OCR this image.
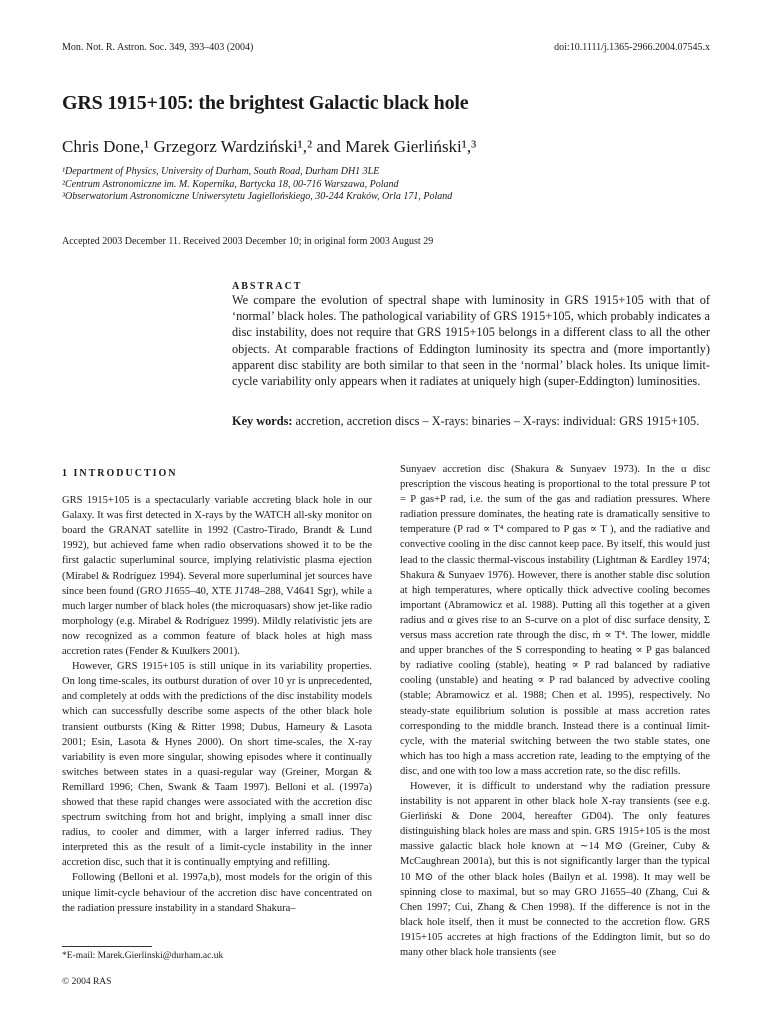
Mon. Not. R. Astron. Soc. 349, 393–403 (2004)	doi:10.1111/j.1365-2966.2004.07545.x
GRS 1915+105: the brightest Galactic black hole
Chris Done,¹ Grzegorz Wardziński¹,² and Marek Gierliński¹,³
¹Department of Physics, University of Durham, South Road, Durham DH1 3LE
²Centrum Astronomiczne im. M. Kopernika, Bartycka 18, 00-716 Warszawa, Poland
³Obserwatorium Astronomiczne Uniwersytetu Jagiellońskiego, 30-244 Kraków, Orla 171, Poland
Accepted 2003 December 11. Received 2003 December 10; in original form 2003 August 29
ABSTRACT
We compare the evolution of spectral shape with luminosity in GRS 1915+105 with that of ‘normal’ black holes. The pathological variability of GRS 1915+105, which probably indicates a disc instability, does not require that GRS 1915+105 belongs in a different class to all the other objects. At comparable fractions of Eddington luminosity its spectra and (more importantly) apparent disc stability are both similar to that seen in the ‘normal’ black holes. Its unique limit-cycle variability only appears when it radiates at uniquely high (super-Eddington) luminosities.
Key words: accretion, accretion discs – X-rays: binaries – X-rays: individual: GRS 1915+105.
1 INTRODUCTION

GRS 1915+105 is a spectacularly variable accreting black hole in our Galaxy. It was first detected in X-rays by the WATCH all-sky monitor on board the GRANAT satellite in 1992 (Castro-Tirado, Brandt & Lund 1992), but achieved fame when radio observations showed it to be the first galactic superluminal source, implying relativistic plasma ejection (Mirabel & Rodríguez 1994). Several more superluminal jet sources have since been found (GRO J1655–40, XTE J1748–288, V4641 Sgr), while a much larger number of black holes (the microquasars) show jet-like radio morphology (e.g. Mirabel & Rodríguez 1999). Mildly relativistic jets are now recognized as a common feature of black holes at high mass accretion rates (Fender & Kuulkers 2001).

However, GRS 1915+105 is still unique in its variability properties. On long time-scales, its outburst duration of over 10 yr is unprecedented, and completely at odds with the predictions of the disc instability models which can successfully describe some aspects of the other black hole transient outbursts (King & Ritter 1998; Dubus, Hameury & Lasota 2001; Esin, Lasota & Hynes 2000). On short time-scales, the X-ray variability is even more singular, showing episodes where it continually switches between states in a quasi-regular way (Greiner, Morgan & Remillard 1996; Chen, Swank & Taam 1997). Belloni et al. (1997a) showed that these rapid changes were associated with the accretion disc spectrum switching from hot and bright, implying a small inner disc radius, to cooler and dimmer, with a larger inferred radius. They interpreted this as the result of a limit-cycle instability in the inner accretion disc, such that it is continually emptying and refilling.

Following (Belloni et al. 1997a,b), most models for the origin of this unique limit-cycle behaviour of the accretion disc have concentrated on the radiation pressure instability in a standard Shakura–

Sunyaev accretion disc (Shakura & Sunyaev 1973). In the α disc prescription the viscous heating is proportional to the total pressure P tot = P gas+P rad, i.e. the sum of the gas and radiation pressures. Where radiation pressure dominates, the heating rate is dramatically sensitive to temperature (P rad ∝ T⁴ compared to P gas ∝ T ), and the radiative and convective cooling in the disc cannot keep pace. By itself, this would just lead to the classic thermal-viscous instability (Lightman & Eardley 1974; Shakura & Sunyaev 1976). However, there is another stable disc solution at high temperatures, where optically thick advective cooling becomes important (Abramowicz et al. 1988). Putting all this together at a given radius and α gives rise to an S-curve on a plot of disc surface density, Σ versus mass accretion rate through the disc, ṁ ∝ T⁴. The lower, middle and upper branches of the S corresponding to heating ∝ P gas balanced by radiative cooling (stable), heating ∝ P rad balanced by radiative cooling (unstable) and heating ∝ P rad balanced by advective cooling (stable; Abramowicz et al. 1988; Chen et al. 1995), respectively. No steady-state equilibrium solution is possible at mass accretion rates corresponding to the middle branch. Instead there is a continual limit-cycle, with the material switching between the two stable states, one which has too high a mass accretion rate, leading to the emptying of the disc, and one with too low a mass accretion rate, so the disc refills.

However, it is difficult to understand why the radiation pressure instability is not apparent in other black hole X-ray transients (see e.g. Gierliński & Done 2004, hereafter GD04). The only features distinguishing black holes are mass and spin. GRS 1915+105 is the most massive galactic black hole known at ∼14 M⊙ (Greiner, Cuby & McCaughrean 2001a), but this is not significantly larger than the typical 10 M⊙ of the other black holes (Bailyn et al. 1998). It may well be spinning close to maximal, but so may GRO J1655–40 (Zhang, Cui & Chen 1997; Cui, Zhang & Chen 1998). If the difference is not in the black hole itself, then it must be connected to the accretion flow. GRS 1915+105 accretes at high fractions of the Eddington limit, but so do many other black hole transients (see

*E-mail: Marek.Gierlinski@durham.ac.uk
© 2004 RAS
